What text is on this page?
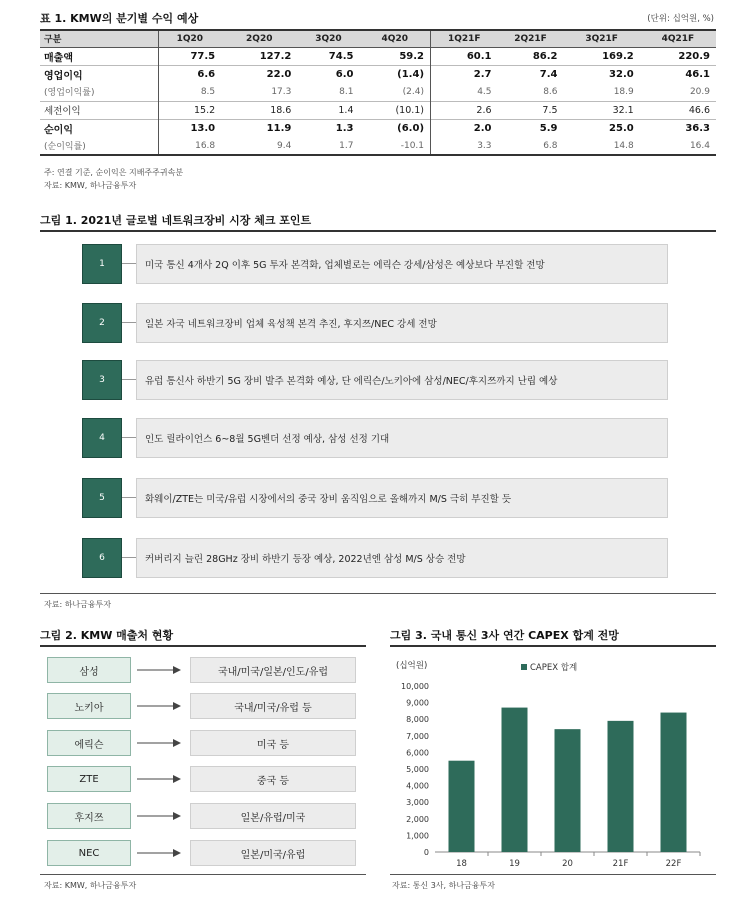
표 1. KMW의 분기별 수익 예상	(단위: 십억원, %)
구분	1Q20	2Q20	3Q20	4Q20	1Q21F	2Q21F	3Q21F	4Q21F
매출액	77.5	127.2	74.5	59.2	60.1	86.2	169.2	220.9
영업이익	6.6	22.0	6.0	(1.4)	2.7	7.4	32.0	46.1
(영업이익률)	8.5	17.3	8.1	(2.4)	4.5	8.6	18.9	20.9
세전이익	15.2	18.6	1.4	(10.1)	2.6	7.5	32.1	46.6
순이익	13.0	11.9	1.3	(6.0)	2.0	5.9	25.0	36.3
(순이익률)	16.8	9.4	1.7	-10.1	3.3	6.8	14.8	16.4
주: 연결 기준, 순이익은 지배주주귀속분
자료: KMW, 하나금융투자
그림 1. 2021년 글로벌 네트워크장비 시장 체크 포인트
1	미국 통신 4개사 2Q 이후 5G 투자 본격화, 업체별로는 에릭슨 강세/삼성은 예상보다 부진할 전망
2	일본 자국 네트워크장비 업체 육성책 본격 추진, 후지쯔/NEC 강세 전망
3	유럽 통신사 하반기 5G 장비 발주 본격화 예상, 단 에릭슨/노키아에 삼성/NEC/후지쯔까지 난립 예상
4	인도 릴라이언스 6~8월 5G벤더 선정 예상, 삼성 선정 기대
5	화웨이/ZTE는 미국/유럽 시장에서의 중국 장비 움직임으로 올해까지 M/S 극히 부진할 듯
6	커버리지 늘린 28GHz 장비 하반기 등장 예상, 2022년엔 삼성 M/S 상승 전망
자료: 하나금융투자
그림 2. KMW 매출처 현황
삼성	국내/미국/일본/인도/유럽
노키아	국내/미국/유럽 등
에릭슨	미국 등
ZTE	중국 등
후지쯔	일본/유럽/미국
NEC	일본/미국/유럽
자료: KMW, 하나금융투자
그림 3. 국내 통신 3사 연간 CAPEX 합계 전망
(십억원)	CAPEX 합계
0
1,000
2,000
3,000
4,000
5,000
6,000
7,000
8,000
9,000
10,000
18	19	20	21F	22F
자료: 통신 3사, 하나금융투자
